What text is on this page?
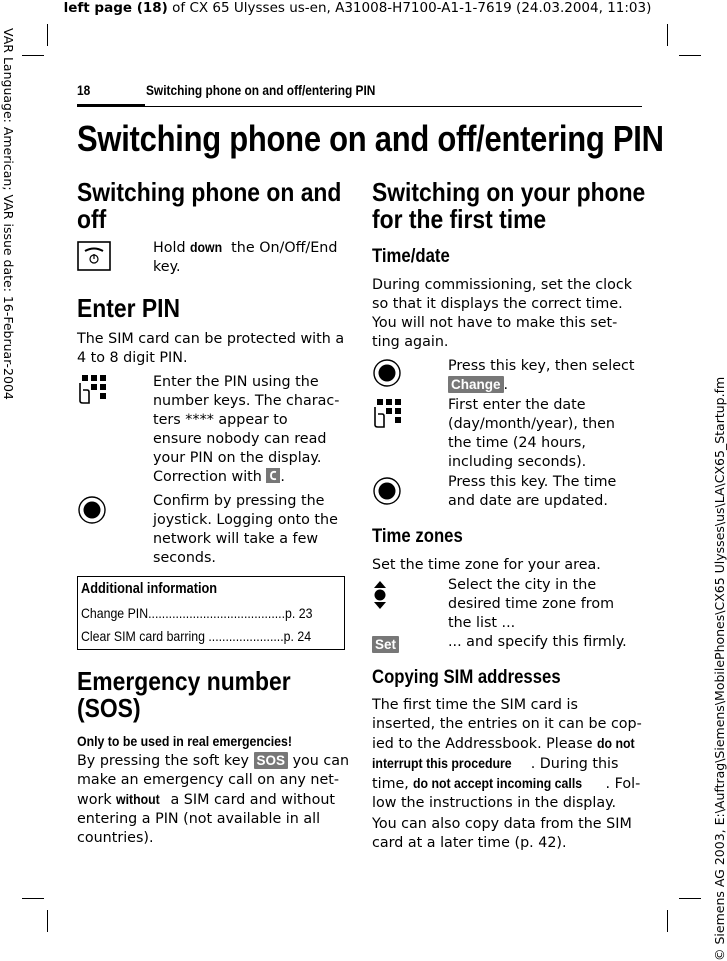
left page (18) of CX 65 Ulysses us-en, A31008-H7100-A1-1-7619 (24.03.2004, 11:03)
VAR Language: American; VAR issue date: 16-Februar-2004
© Siemens AG 2003, E:\Auftrag\Siemens\MobilePhones\CX65 Ulysses\us\LA\CX65_Startup.fm
18	Switching phone on and off/entering PIN
Switching phone on and off/entering PIN
Switching phone on and
off
Hold down the On/Off/End
key.
Enter PIN
The SIM card can be protected with a
4 to 8 digit PIN.
Enter the PIN using the
number keys. The charac-
ters **** appear to
ensure nobody can read
your PIN on the display.
Correction with .
Confirm by pressing the
joystick. Logging onto the
network will take a few
seconds.
Additional information
Change PIN........................................p. 23
Clear SIM card barring ......................p. 24
Emergency number
(SOS)
Only to be used in real emergencies!
By pressing the soft key SOS you can
make an emergency call on any net-
work without a SIM card and without
entering a PIN (not available in all
countries).
Switching on your phone
for the first time
Time/date
During commissioning, set the clock
so that it displays the correct time.
You will not have to make this set-
ting again.
Press this key, then select
Change .
First enter the date
(day/month/year), then
the time (24 hours,
including seconds).
Press this key. The time
and date are updated.
Time zones
Set the time zone for your area.
Select the city in the
desired time zone from
the list ...
Set	... and specify this firmly.
Copying SIM addresses
The first time the SIM card is
inserted, the entries on it can be cop-
ied to the Addressbook. Please do not
interrupt this procedure . During this
time, do not accept incoming calls . Fol-
low the instructions in the display.
You can also copy data from the SIM
card at a later time (p. 42).
